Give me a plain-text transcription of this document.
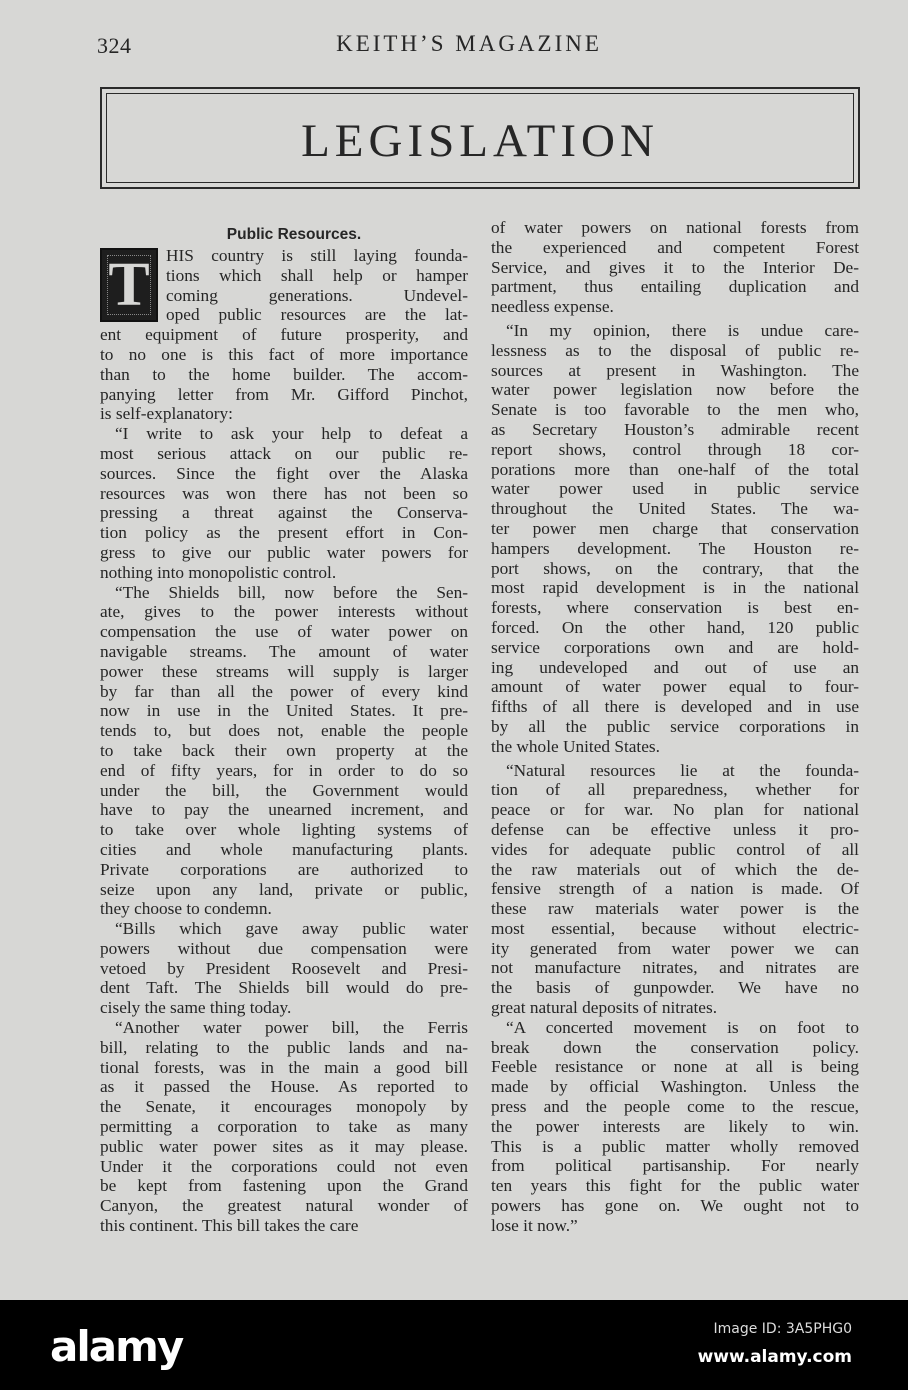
324	KEITH’S MAGAZINE
LEGISLATION
Public Resources.
T HIS country is still laying founda-
tions which shall help or hamper
coming generations. Undevel-
oped public resources are the lat-
ent equipment of future prosperity, and
to no one is this fact of more importance
than to the home builder. The accom-
panying letter from Mr. Gifford Pinchot,
is self-explanatory:
“I write to ask your help to defeat a
most serious attack on our public re-
sources. Since the fight over the Alaska
resources was won there has not been so
pressing a threat against the Conserva-
tion policy as the present effort in Con-
gress to give our public water powers for
nothing into monopolistic control.
“The Shields bill, now before the Sen-
ate, gives to the power interests without
compensation the use of water power on
navigable streams. The amount of water
power these streams will supply is larger
by far than all the power of every kind
now in use in the United States. It pre-
tends to, but does not, enable the people
to take back their own property at the
end of fifty years, for in order to do so
under the bill, the Government would
have to pay the unearned increment, and
to take over whole lighting systems of
cities and whole manufacturing plants.
Private corporations are authorized to
seize upon any land, private or public,
they choose to condemn.
“Bills which gave away public water
powers without due compensation were
vetoed by President Roosevelt and Presi-
dent Taft. The Shields bill would do pre-
cisely the same thing today.
“Another water power bill, the Ferris
bill, relating to the public lands and na-
tional forests, was in the main a good bill
as it passed the House. As reported to
the Senate, it encourages monopoly by
permitting a corporation to take as many
public water power sites as it may please.
Under it the corporations could not even
be kept from fastening upon the Grand
Canyon, the greatest natural wonder of
this continent. This bill takes the care
of water powers on national forests from
the experienced and competent Forest
Service, and gives it to the Interior De-
partment, thus entailing duplication and
needless expense.
“In my opinion, there is undue care-
lessness as to the disposal of public re-
sources at present in Washington. The
water power legislation now before the
Senate is too favorable to the men who,
as Secretary Houston’s admirable recent
report shows, control through 18 cor-
porations more than one-half of the total
water power used in public service
throughout the United States. The wa-
ter power men charge that conservation
hampers development. The Houston re-
port shows, on the contrary, that the
most rapid development is in the national
forests, where conservation is best en-
forced. On the other hand, 120 public
service corporations own and are hold-
ing undeveloped and out of use an
amount of water power equal to four-
fifths of all there is developed and in use
by all the public service corporations in
the whole United States.
“Natural resources lie at the founda-
tion of all preparedness, whether for
peace or for war. No plan for national
defense can be effective unless it pro-
vides for adequate public control of all
the raw materials out of which the de-
fensive strength of a nation is made. Of
these raw materials water power is the
most essential, because without electric-
ity generated from water power we can
not manufacture nitrates, and nitrates are
the basis of gunpowder. We have no
great natural deposits of nitrates.
“A concerted movement is on foot to
break down the conservation policy.
Feeble resistance or none at all is being
made by official Washington. Unless the
press and the people come to the rescue,
the power interests are likely to win.
This is a public matter wholly removed
from political partisanship. For nearly
ten years this fight for the public water
powers has gone on. We ought not to
lose it now.”
alamy	Image ID: 3A5PHG0
www.alamy.com
